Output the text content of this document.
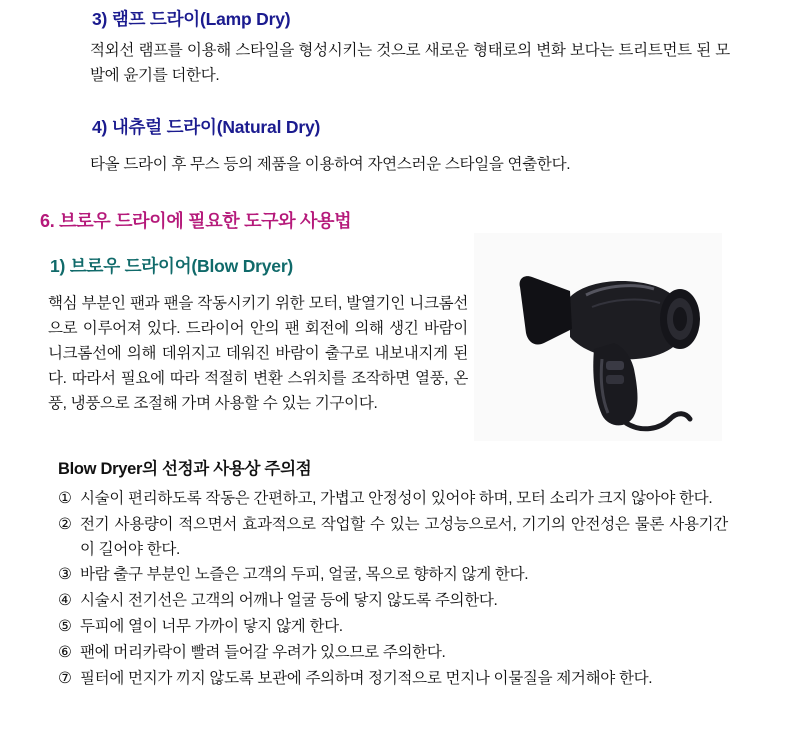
3) 램프 드라이(Lamp Dry)

적외선 램프를 이용해 스타일을 형성시키는 것으로 새로운 형태로의 변화 보다는 트리트먼트 된 모발에 윤기를 더한다.

4) 내츄럴 드라이(Natural Dry)

타올 드라이 후 무스 등의 제품을 이용하여 자연스러운 스타일을 연출한다.

6. 브로우 드라이에 필요한 도구와 사용법
1) 브로우 드라이어(Blow Dryer)

핵심 부분인 팬과 팬을 작동시키기 위한 모터, 발열기인 니크롬선으로 이루어져 있다. 드라이어 안의 팬 회전에 의해 생긴 바람이 니크롬선에 의해 데위지고 데워진 바람이 출구로 내보내지게 된다. 따라서 필요에 따라 적절히 변환 스위치를 조작하면 열풍, 온풍, 냉풍으로 조절해 가며 사용할 수 있는 기구이다.

Blow Dryer의 선정과 사용상 주의점
① 시술이 편리하도록 작동은 간편하고, 가볍고 안정성이 있어야 하며, 모터 소리가 크지 않아야 한다.
② 전기 사용량이 적으면서 효과적으로 작업할 수 있는 고성능으로서, 기기의 안전성은 물론 사용기간이 길어야 한다.
③ 바람 출구 부분인 노즐은 고객의 두피, 얼굴, 목으로 향하지 않게 한다.
④ 시술시 전기선은 고객의 어깨나 얼굴 등에 닿지 않도록 주의한다.
⑤ 두피에 열이 너무 가까이 닿지 않게 한다.
⑥ 팬에 머리카락이 빨려 들어갈 우려가 있으므로 주의한다.
⑦ 필터에 먼지가 끼지 않도록 보관에 주의하며 정기적으로 먼지나 이물질을 제거해야 한다.
